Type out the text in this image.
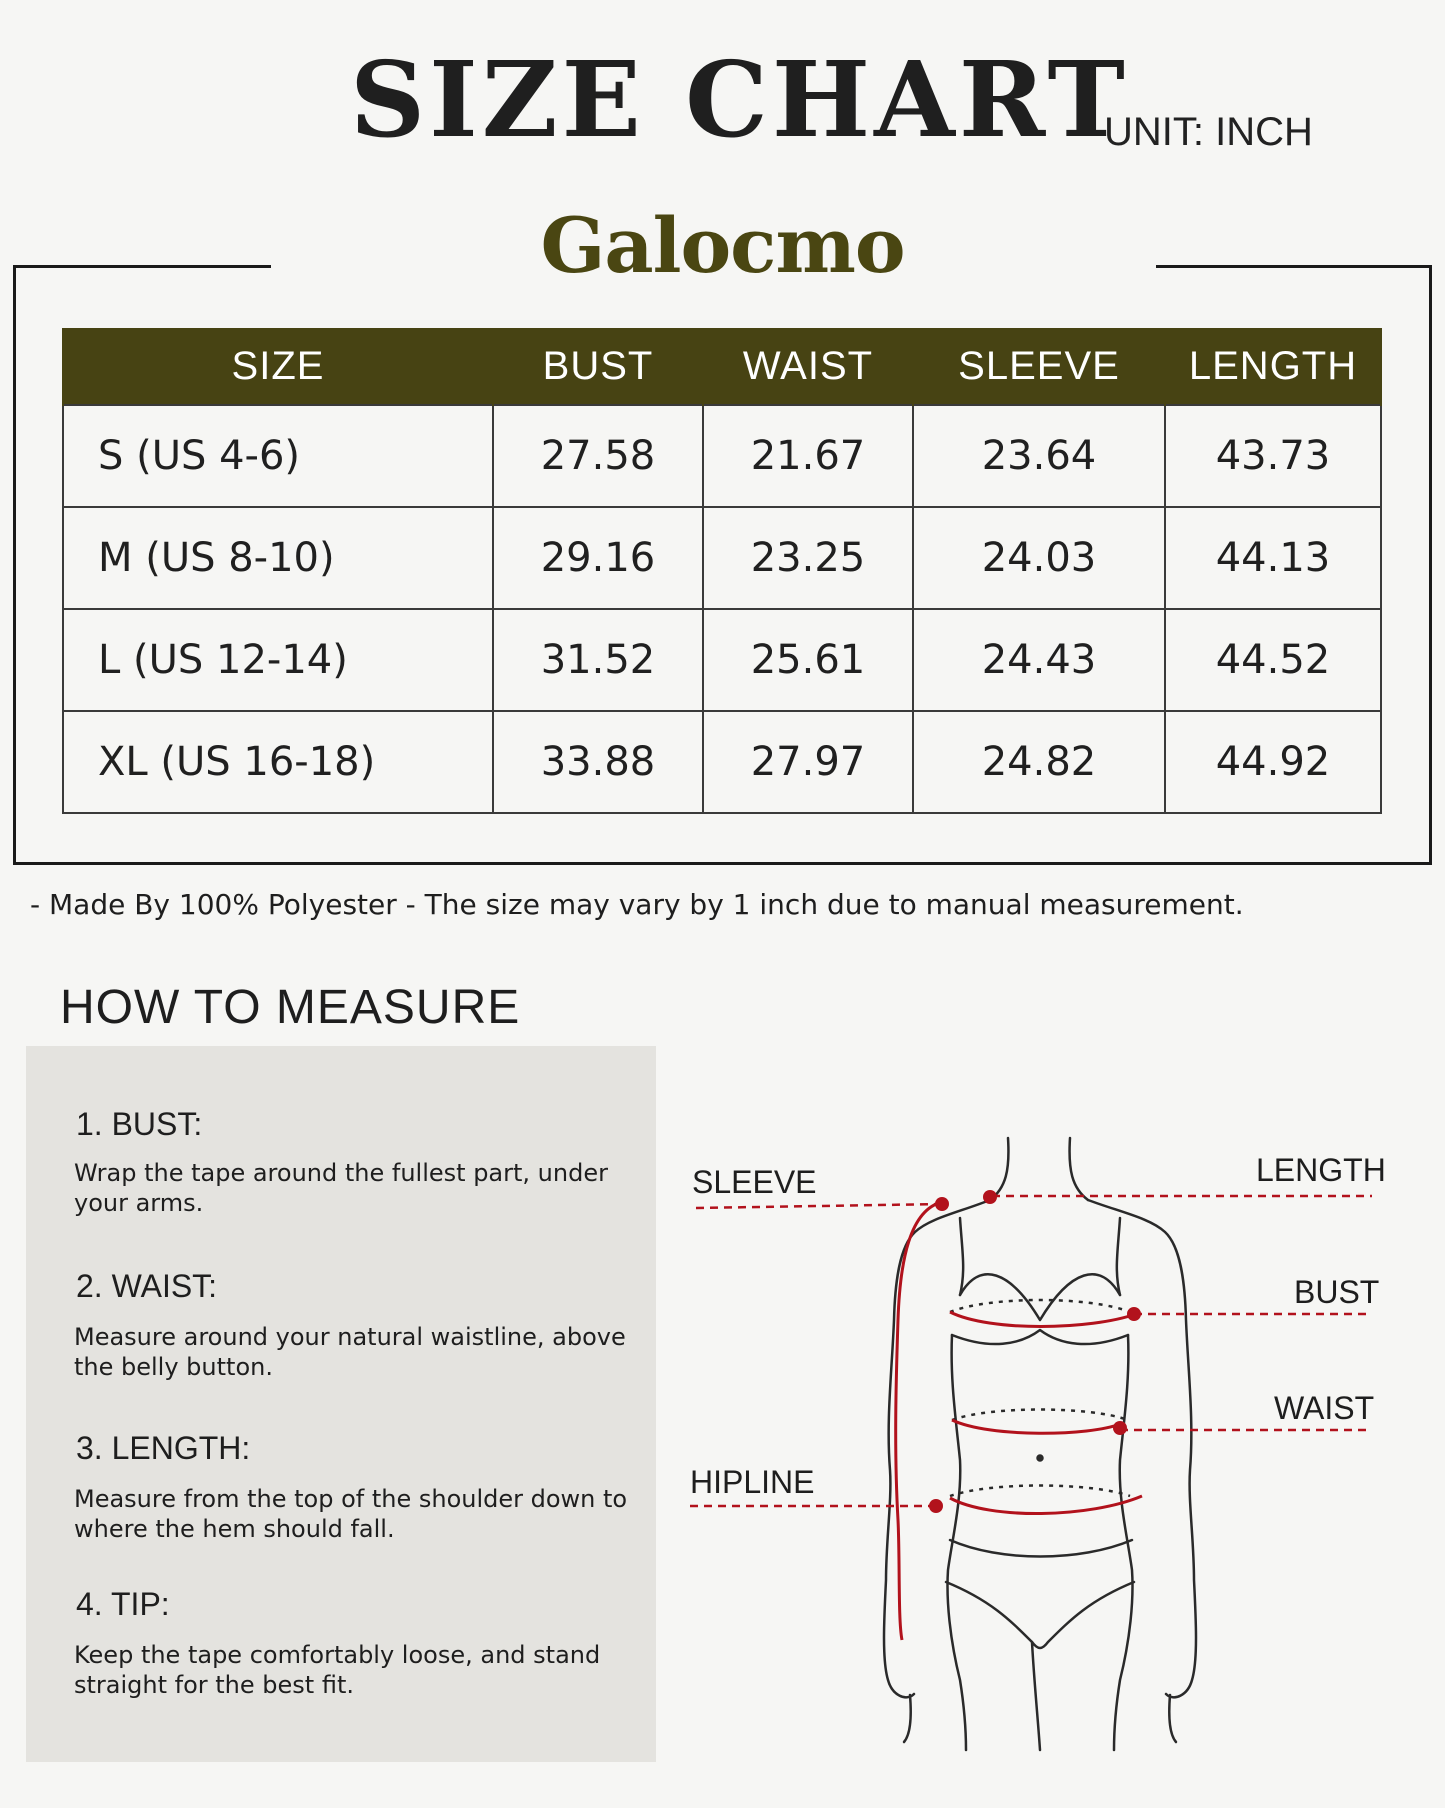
SIZE CHART
UNIT: INCH
Galocmo
SIZE	BUST	WAIST	SLEEVE	LENGTH
S (US 4-6)	27.58	21.67	23.64	43.73
M (US 8-10)	29.16	23.25	24.03	44.13
L (US 12-14)	31.52	25.61	24.43	44.52
XL (US 16-18)	33.88	27.97	24.82	44.92
- Made By 100% Polyester - The size may vary by 1 inch due to manual measurement.
HOW TO MEASURE
1. BUST:
Wrap the tape around the fullest part, under your arms.
2. WAIST:
Measure around your natural waistline, above the belly button.
3. LENGTH:
Measure from the top of the shoulder down to where the hem should fall.
4. TIP:
Keep the tape comfortably loose, and stand straight for the best fit.
SLEEVE	LENGTH
BUST
WAIST
HIPLINE
